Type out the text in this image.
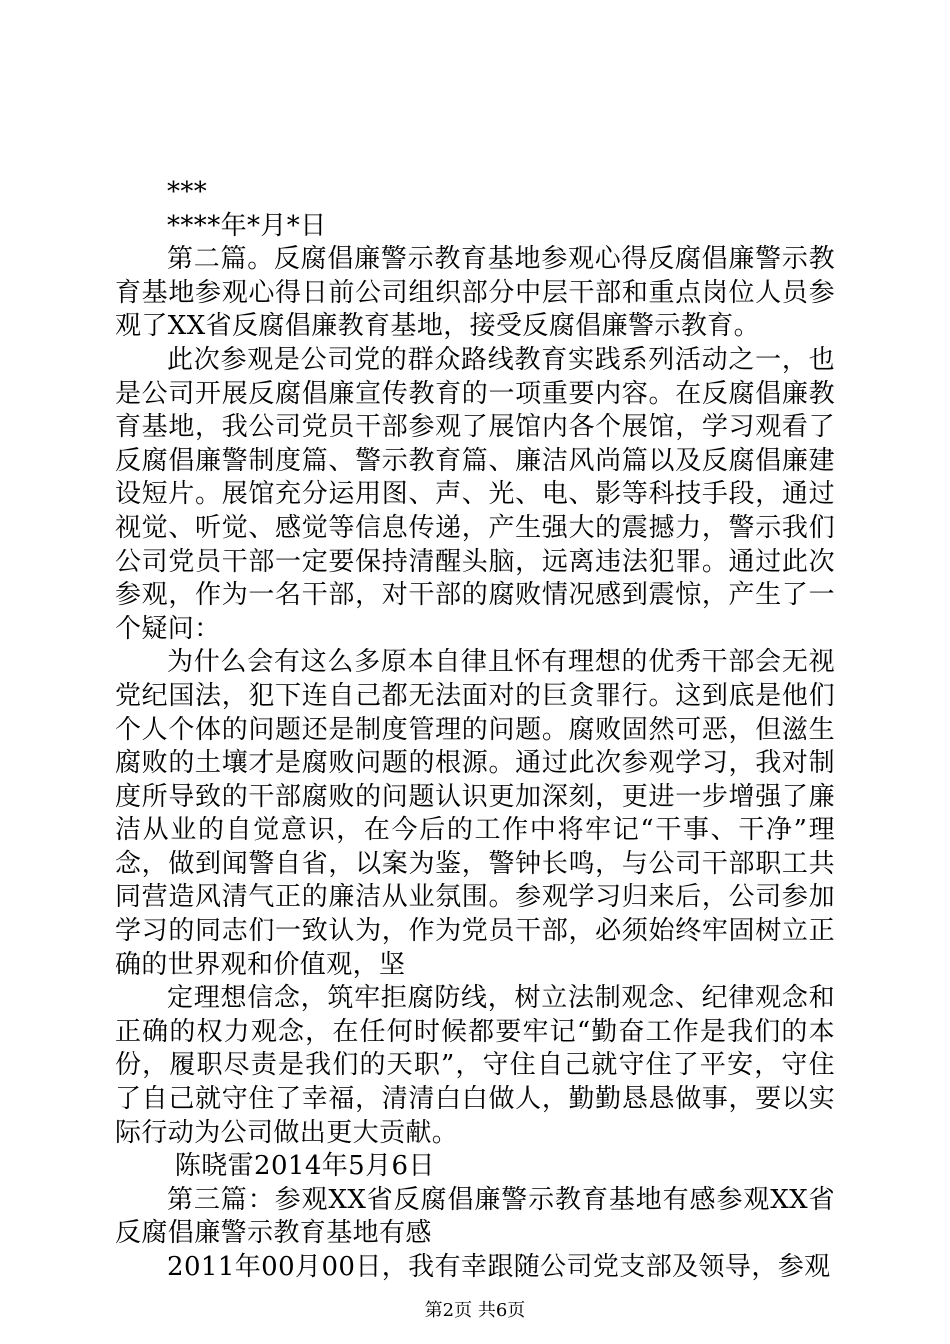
***

****年*月*日

第二篇。反腐倡廉警示教育基地参观心得反腐倡廉警示教育基地参观心得日前公司组织部分中层干部和重点岗位人员参观了XX省反腐倡廉教育基地，接受反腐倡廉警示教育。

此次参观是公司党的群众路线教育实践系列活动之一，也是公司开展反腐倡廉宣传教育的一项重要内容。在反腐倡廉教育基地，我公司党员干部参观了展馆内各个展馆，学习观看了反腐倡廉警制度篇、警示教育篇、廉洁风尚篇以及反腐倡廉建设短片。展馆充分运用图、声、光、电、影等科技手段，通过视觉、听觉、感觉等信息传递，产生强大的震撼力，警示我们公司党员干部一定要保持清醒头脑，远离违法犯罪。通过此次参观，作为一名干部，对干部的腐败情况感到震惊，产生了一个疑问：

为什么会有这么多原本自律且怀有理想的优秀干部会无视党纪国法，犯下连自己都无法面对的巨贪罪行。这到底是他们个人个体的问题还是制度管理的问题。腐败固然可恶，但滋生腐败的土壤才是腐败问题的根源。通过此次参观学习，我对制度所导致的干部腐败的问题认识更加深刻，更进一步增强了廉洁从业的自觉意识，在今后的工作中将牢记“干事、干净”理念，做到闻警自省，以案为鉴，警钟长鸣，与公司干部职工共同营造风清气正的廉洁从业氛围。参观学习归来后，公司参加学习的同志们一致认为，作为党员干部，必须始终牢固树立正确的世界观和价值观，坚

定理想信念，筑牢拒腐防线，树立法制观念、纪律观念和正确的权力观念，在任何时候都要牢记“勤奋工作是我们的本份，履职尽责是我们的天职”，守住自己就守住了平安，守住了自己就守住了幸福，清清白白做人，勤勤恳恳做事，要以实际行动为公司做出更大贡献。

陈晓雷2014年5月6日

第三篇：参观XX省反腐倡廉警示教育基地有感参观XX省反腐倡廉警示教育基地有感

2011年00月00日，我有幸跟随公司党支部及领导，参观

第2页 共6页
